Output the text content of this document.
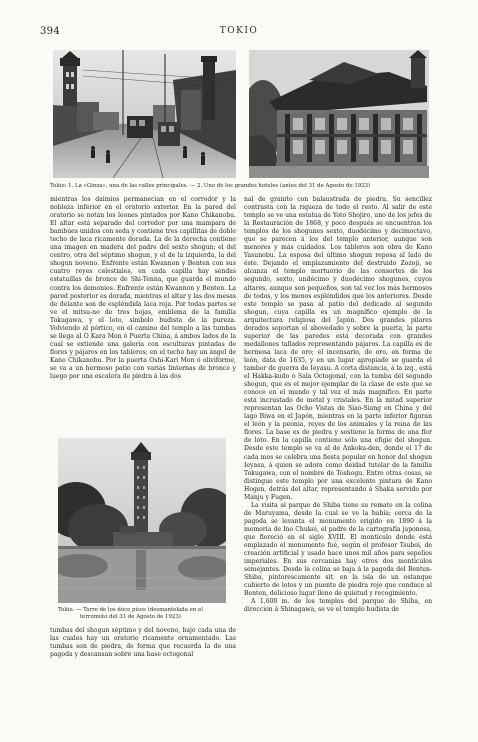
394	TOKIO
Tokio: 1. La «Ginza», una de las calles principales. — 2. Uno de los grandes hoteles (antes del 31 de Agosto de 1923)

mientras los daimios permanecían en el corredor y la nobleza inferior en el oratorio exterior. En la pared del oratorio se notan los leones pintados por Kano Chikanobu. El altar está separado del corredor por una mampara de bambúes unidos con seda y contiene tres capillitas de doble techo de laca ricamente dorada. La de la derecha contiene una imagen en madera del padre del sexto shogun; el del centro, otra del séptimo shogun, y el de la izquierda, la del shogun noveno. Enfrente están Kwannon y Benten con sus cuatro reyes celestiales, en cada capilla hay sendas estatuillas de bronce de Shi-Tenna, que guarda el mundo contra los demonios. Enfrente están Kwannon y Benten. La pared posterior es dorada, mientras el altar y las dos mesas de delante son de espléndida laca roja. Por todas partes se ve el mitsu-no de tres hojas, emblema de la familia Tokugawa, y el loto, símbolo budista de la pureza. Volviendo al pórtico, en el camino del templo a las tumbas se llega al O Kara Mon ó Puerta China, á ambos lados de la cual se extiende una galería con esculturas pintadas de flores y pájaros en los tableros; en el techo hay un ángel de Kano Chikanobu. Por la puerta Oshi-Kari Mon ó oliviforme, se va a un hermoso patio con varias linternas de bronce y luego por una escalera de piedra á las dos

Tokio. — Torre de los doce pisos (desmantelada en el
terremoto del 31 de Agosto de 1923)

tumbas del shogun séptimo y del noveno, bajo cada una de las cuales hay un oratorio ricamente ornamentado. Las tumbas son de piedra, de forma que recuerda la de una pagoda y descansan sobre una base octogonal

nal de granito con balaustrada de piedra. Su sencillez contrasta con la riqueza de todo el resto. Al salir de este templo se ve una estatua de Yoto Shojiro, uno de los jefes de la Restauración de 1868, y poco después se encuentran los templos de los shogunes sexto, duodécimo y decimoctavo, que se parecen á los del templo anterior, aunque son menores y más cuidados. Los tableros son obra de Kano Yasunobu. La esposa del último shogun reposa al lado de éste. Dejando el emplazamiento del destruido Zozoji, se alcanza el templo mortuorio de las consortes de los segundo, sexto, undécimo y duodécimo shogunes, cuyos altares, aunque son pequeños, son tal vez los más hermosos de todos, y los menos espléndidos que los anteriores. Desde este templo se pasa al patio del dedicado al segundo shogun, cuya capilla es un magnífico ejemplo de la arquitectura religiosa del Japón. Dos grandes pilares dorados soportan el abovedado y sobre la puerta, la parte superior de las paredes está decorada con grandes medallones tallados representando pájaros. La capilla es de hermosa laca de oro; el incensario, de oro, en forma de león, data de 1635, y en un lugar apropiado se guarda el tambor de guerra de Ieyasu. A corta distancia, á la izq., está el Hakka-kudo ó Sala Octogonal, con la tumba del segundo shogun, que es el mejor ejemplar de la clase de este que se conoce en el mundo y tal vez el más magnífico. En parte está incrustado de metal y cristales. En la mitad superior representan las Ocho Vistas de Siao-Siang en China y del lago Biwa en el Japón, mientras en la parte inferior figuran el león y la peonia, reyes de los animales y la reina de las flores. La base es de piedra y sostiene la forma de una flor de loto. En la capilla contiene sólo una efigie del shogun. Desde este templo se va al de Ankoku-den, donde el 17 de cada mes se celebra una fiesta popular en honor del shogun Ieyasu, á quien se adora como deidad tutelar de la familia Tokugawa, con el nombre de Toshogu. Entre otras cosas, se distingue este templo por una excelente pintura de Kano Hogen, detrás del altar, representando á Shaka servido por Manju y Fugen.

La visita al parque de Shiba tiene su remate en la colina de Maruyama, desde la cual se ve la bahía; cerca de la pagoda se levanta el monumento erigido en 1890 á la memoria de Ino Chukei, el padre de la cartografía japonesa, que floreció en el siglo XVIII. El montículo donde está emplazado el monumento fué, según el profesor Tsuboi, de creación artificial y usado hace unos mil años para sepelios imperiales. En sus cercanías hay otros dos montículos semejantes. Desde la colina se baja á la pagoda del Benten-Shiba, pintorescamente sit. en la isla de un estanque cubierto de lotos y un puente de piedra rojo que conduce al Benten, delicioso lugar lleno de quietud y recogimiento.

A 1,600 m. de los templos del parque de Shiba, en dirección á Shinagawa, se ve el templo budista de
